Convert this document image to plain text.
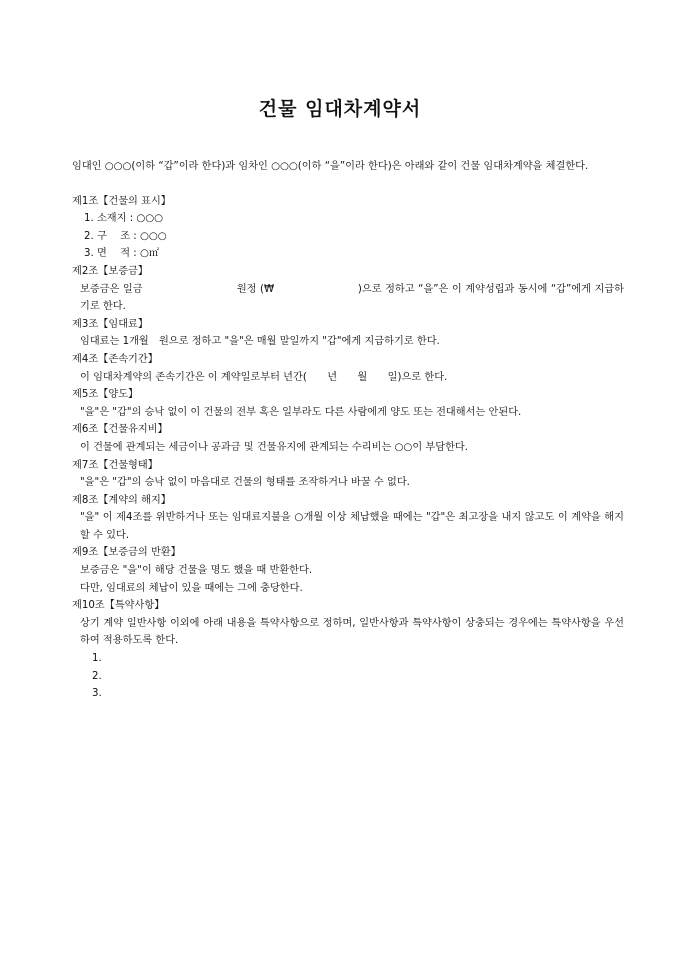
건물 임대차계약서

임대인 ○○○(이하 “갑”이라 한다)과 임차인 ○○○(이하 “을”이라 한다)은 아래와 같이 건물 임대차계약을 체결한다.

제1조【건물의 표시】

1. 소재지 : ○○○

2. 구　 조 : ○○○

3. 면　 적 : ○㎡

제2조【보증금】

보증금은 일금　　　　　　　　　원정 (₩　　　　　　　　)으로 정하고 “을”은 이 계약성립과 동시에 “갑”에게 지급하기로 한다.

제3조【임대료】

임대료는 1개월　원으로 정하고 "을"은 매월 말일까지 "갑"에게 지급하기로 한다.

제4조【존속기간】

이 임대차계약의 존속기간은 이 계약일로부터 년간(　　년　　월　　일)으로 한다.

제5조【양도】

"을"은 "갑"의 승낙 없이 이 건물의 전부 혹은 일부라도 다른 사람에게 양도 또는 전대해서는 안된다.

제6조【건물유지비】

이 건물에 관계되는 세금이나 공과금 및 건물유지에 관계되는 수리비는 ○○이 부담한다.

제7조【건물형태】

"을"은 "갑"의 승낙 없이 마음대로 건물의 형태를 조작하거나 바꿀 수 없다.

제8조【계약의 해지】

"을" 이 제4조를 위반하거나 또는 임대료지불을 ○개월 이상 체납했을 때에는 "갑"은 최고장을 내지 않고도 이 계약을 해지할 수 있다.

제9조【보증금의 반환】

보증금은 "을"이 해당 건물을 명도 했을 때 반환한다.

다만, 임대료의 체납이 있을 때에는 그에 충당한다.

제10조【특약사항】

상기 계약 일반사항 이외에 아래 내용을 특약사항으로 정하며, 일반사항과 특약사항이 상충되는 경우에는 특약사항을 우선하여 적용하도록 한다.

1.

2.

3.
